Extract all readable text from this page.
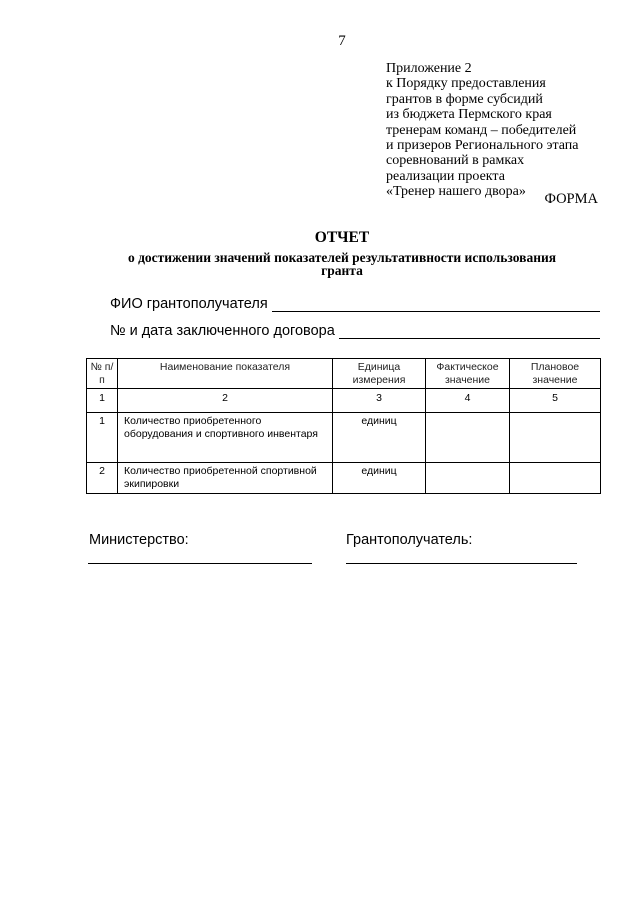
7
Приложение 2
к Порядку предоставления
грантов в форме субсидий
из бюджета Пермского края
тренерам команд – победителей
и призеров Регионального этапа
соревнований в рамках
реализации проекта
«Тренер нашего двора»	ФОРМА
ОТЧЕТ
о достижении значений показателей результативности использования гранта
ФИО грантополучателя
№ и дата заключенного договора
№ п/п	Наименование показателя	Единица измерения	Фактическое значение	Плановое значение
1	2	3	4	5
1	Количество приобретенного оборудования и спортивного инвентаря	единиц		
2	Количество приобретенной спортивной экипировки	единиц		
Министерство:	Грантополучатель:
